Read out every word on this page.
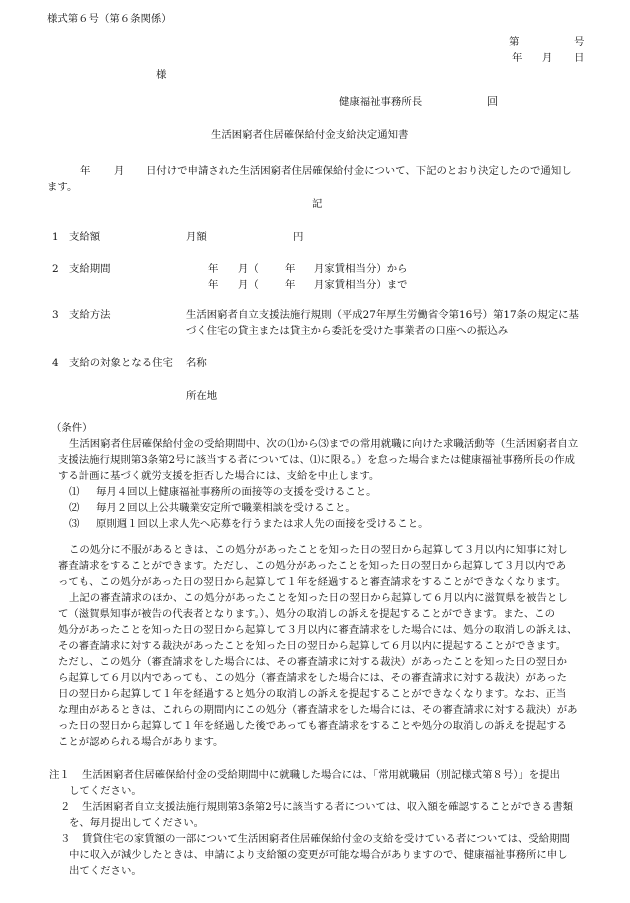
様式第６号（第６条関係）
第	号
年 月 日
様
健康福祉事務所長	回
生活困窮者住居確保給付金支給決定通知書
年 月 日付けで申請された生活困窮者住居確保給付金について、下記のとおり決定したので通知し
ます。
記
1 支給額	月額	円
2 支給期間	年 月（	年 月家賃相当分）から
年 月（	年 月家賃相当分）まで
3 支給方法	生活困窮者自立支援法施行規則（平成27年厚生労働省令第16号）第17条の規定に基
づく住宅の貸主または貸主から委託を受けた事業者の口座への振込み
4 支給の対象となる住宅 名称
所在地
（条件）
生活困窮者住居確保給付金の受給期間中、次の⑴から⑶までの常用就職に向けた求職活動等（生活困窮者自立
支援法施行規則第3条第2号に該当する者については、⑴に限る。）を怠った場合または健康福祉事務所長の作成
する計画に基づく就労支援を拒否した場合には、支給を中止します。
⑴ 毎月４回以上健康福祉事務所の面接等の支援を受けること。
⑵ 毎月２回以上公共職業安定所で職業相談を受けること。
⑶ 原則週１回以上求人先へ応募を行うまたは求人先の面接を受けること。
この処分に不服があるときは、この処分があったことを知った日の翌日から起算して３月以内に知事に対し
審査請求をすることができます。ただし、この処分があったことを知った日の翌日から起算して３月以内であ
っても、この処分があった日の翌日から起算して１年を経過すると審査請求をすることができなくなります。
上記の審査請求のほか、この処分があったことを知った日の翌日から起算して６月以内に滋賀県を被告とし
て（滋賀県知事が被告の代表者となります。）、処分の取消しの訴えを提起することができます。また、この
処分があったことを知った日の翌日から起算して３月以内に審査請求をした場合には、処分の取消しの訴えは、
その審査請求に対する裁決があったことを知った日の翌日から起算して６月以内に提起することができます。
ただし、この処分（審査請求をした場合には、その審査請求に対する裁決）があったことを知った日の翌日か
ら起算して６月以内であっても、この処分（審査請求をした場合には、その審査請求に対する裁決）があった
日の翌日から起算して１年を経過すると処分の取消しの訴えを提起することができなくなります。なお、正当
な理由があるときは、これらの期間内にこの処分（審査請求をした場合には、その審査請求に対する裁決）があ
った日の翌日から起算して１年を経過した後であっても審査請求をすることや処分の取消しの訴えを提起する
ことが認められる場合があります。
注１ 生活困窮者住居確保給付金の受給期間中に就職した場合には、「常用就職届（別記様式第８号）」を提出
してください。
２ 生活困窮者自立支援法施行規則第3条第2号に該当する者については、収入額を確認することができる書類
を、毎月提出してください。
３ 賃貸住宅の家賃額の一部について生活困窮者住居確保給付金の支給を受けている者については、受給期間
中に収入が減少したときは、申請により支給額の変更が可能な場合がありますので、健康福祉事務所に申し
出てください。
